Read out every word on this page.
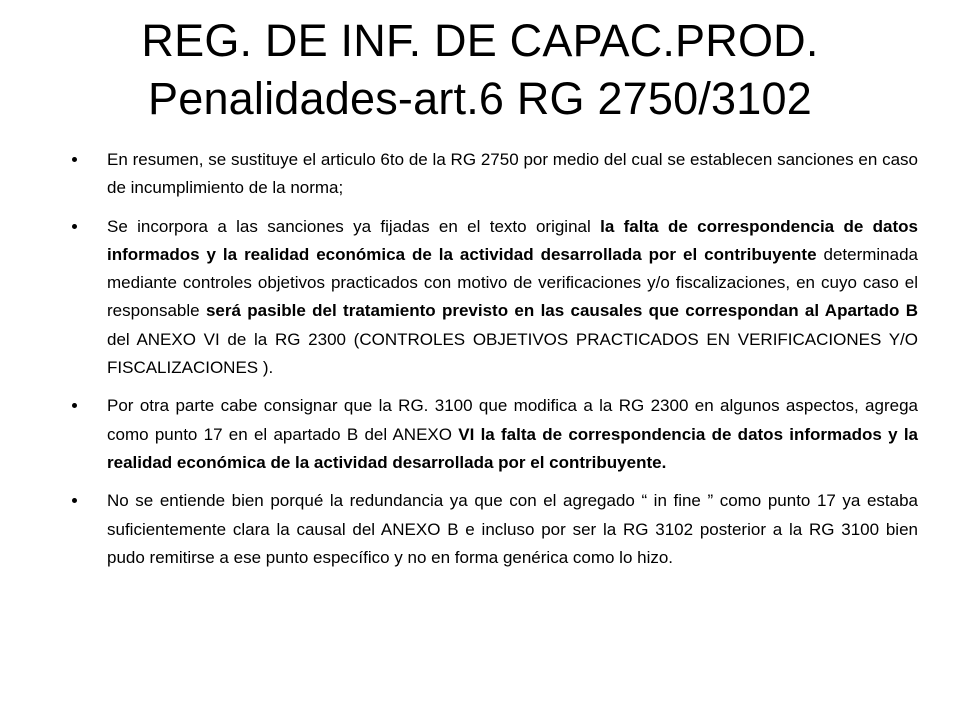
REG. DE INF. DE CAPAC.PROD.
Penalidades-art.6 RG 2750/3102
En resumen, se sustituye el articulo 6to de la RG 2750 por medio del cual se establecen sanciones en caso de incumplimiento de la norma;
Se incorpora a las sanciones ya fijadas en el texto original la falta de correspondencia de datos informados y la realidad económica de la actividad desarrollada por el contribuyente determinada mediante controles objetivos practicados con motivo de verificaciones y/o fiscalizaciones, en cuyo caso el responsable será pasible del tratamiento previsto en las causales que correspondan al Apartado B del ANEXO VI de la RG 2300 (CONTROLES OBJETIVOS PRACTICADOS EN VERIFICACIONES Y/O FISCALIZACIONES ).
Por otra parte cabe consignar que la RG. 3100 que modifica a la RG 2300 en algunos aspectos, agrega como punto 17 en el apartado B del ANEXO VI la falta de correspondencia de datos informados y la realidad económica de la actividad desarrollada por el contribuyente.
No se entiende bien porqué la redundancia ya que con el agregado “ in fine ” como punto 17 ya estaba suficientemente clara la causal del ANEXO B e incluso por ser la RG 3102 posterior a la RG 3100 bien pudo remitirse a ese punto específico y no en forma genérica como lo hizo.
